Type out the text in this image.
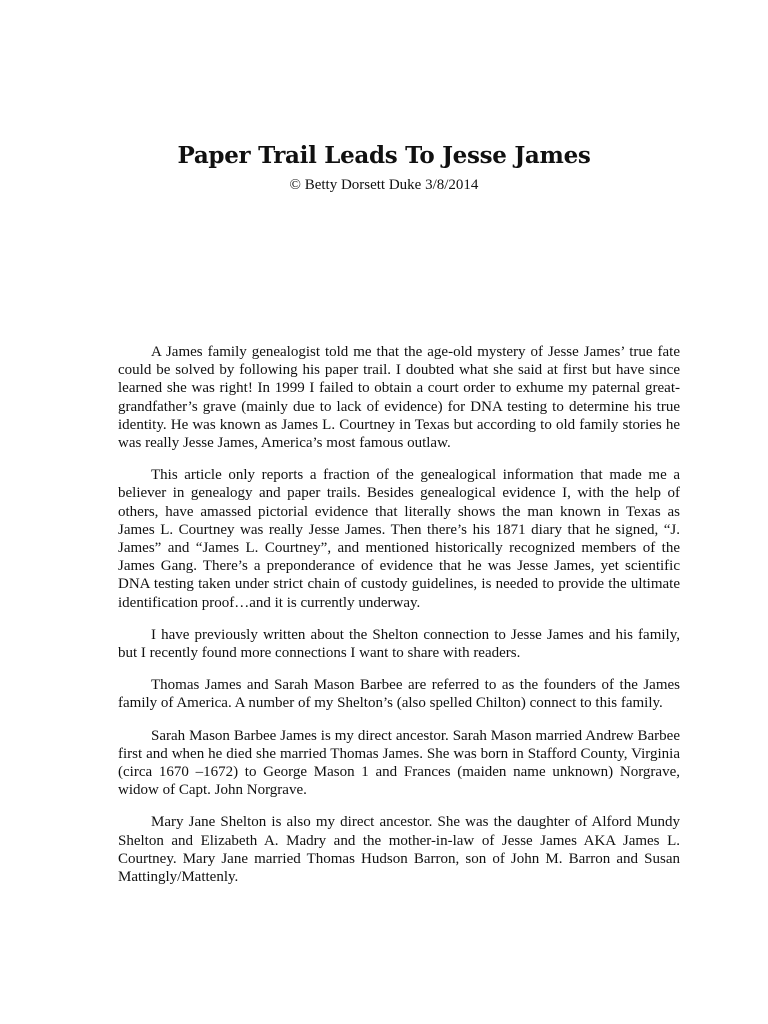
Paper Trail Leads To Jesse James

© Betty Dorsett Duke 3/8/2014

A James family genealogist told me that the age-old mystery of Jesse James’ true fate could be solved by following his paper trail. I doubted what she said at first but have since learned she was right! In 1999 I failed to obtain a court order to exhume my paternal great-grandfather’s grave (mainly due to lack of evidence) for DNA testing to determine his true identity. He was known as James L. Courtney in Texas but according to old family stories he was really Jesse James, America’s most famous outlaw.

This article only reports a fraction of the genealogical information that made me a believer in genealogy and paper trails. Besides genealogical evidence I, with the help of others, have amassed pictorial evidence that literally shows the man known in Texas as James L. Courtney was really Jesse James. Then there’s his 1871 diary that he signed, “J. James” and “James L. Courtney”, and mentioned historically recognized members of the James Gang. There’s a preponderance of evidence that he was Jesse James, yet scientific DNA testing taken under strict chain of custody guidelines, is needed to provide the ultimate identification proof…and it is currently underway.

I have previously written about the Shelton connection to Jesse James and his family, but I recently found more connections I want to share with readers.

Thomas James and Sarah Mason Barbee are referred to as the founders of the James family of America. A number of my Shelton’s (also spelled Chilton) connect to this family.

Sarah Mason Barbee James is my direct ancestor. Sarah Mason married Andrew Barbee first and when he died she married Thomas James. She was born in Stafford County, Virginia (circa 1670 –1672) to George Mason 1 and Frances (maiden name unknown) Norgrave, widow of Capt. John Norgrave.

Mary Jane Shelton is also my direct ancestor. She was the daughter of Alford Mundy Shelton and Elizabeth A. Madry and the mother-in-law of Jesse James AKA James L. Courtney. Mary Jane married Thomas Hudson Barron, son of John M. Barron and Susan Mattingly/Mattenly.
